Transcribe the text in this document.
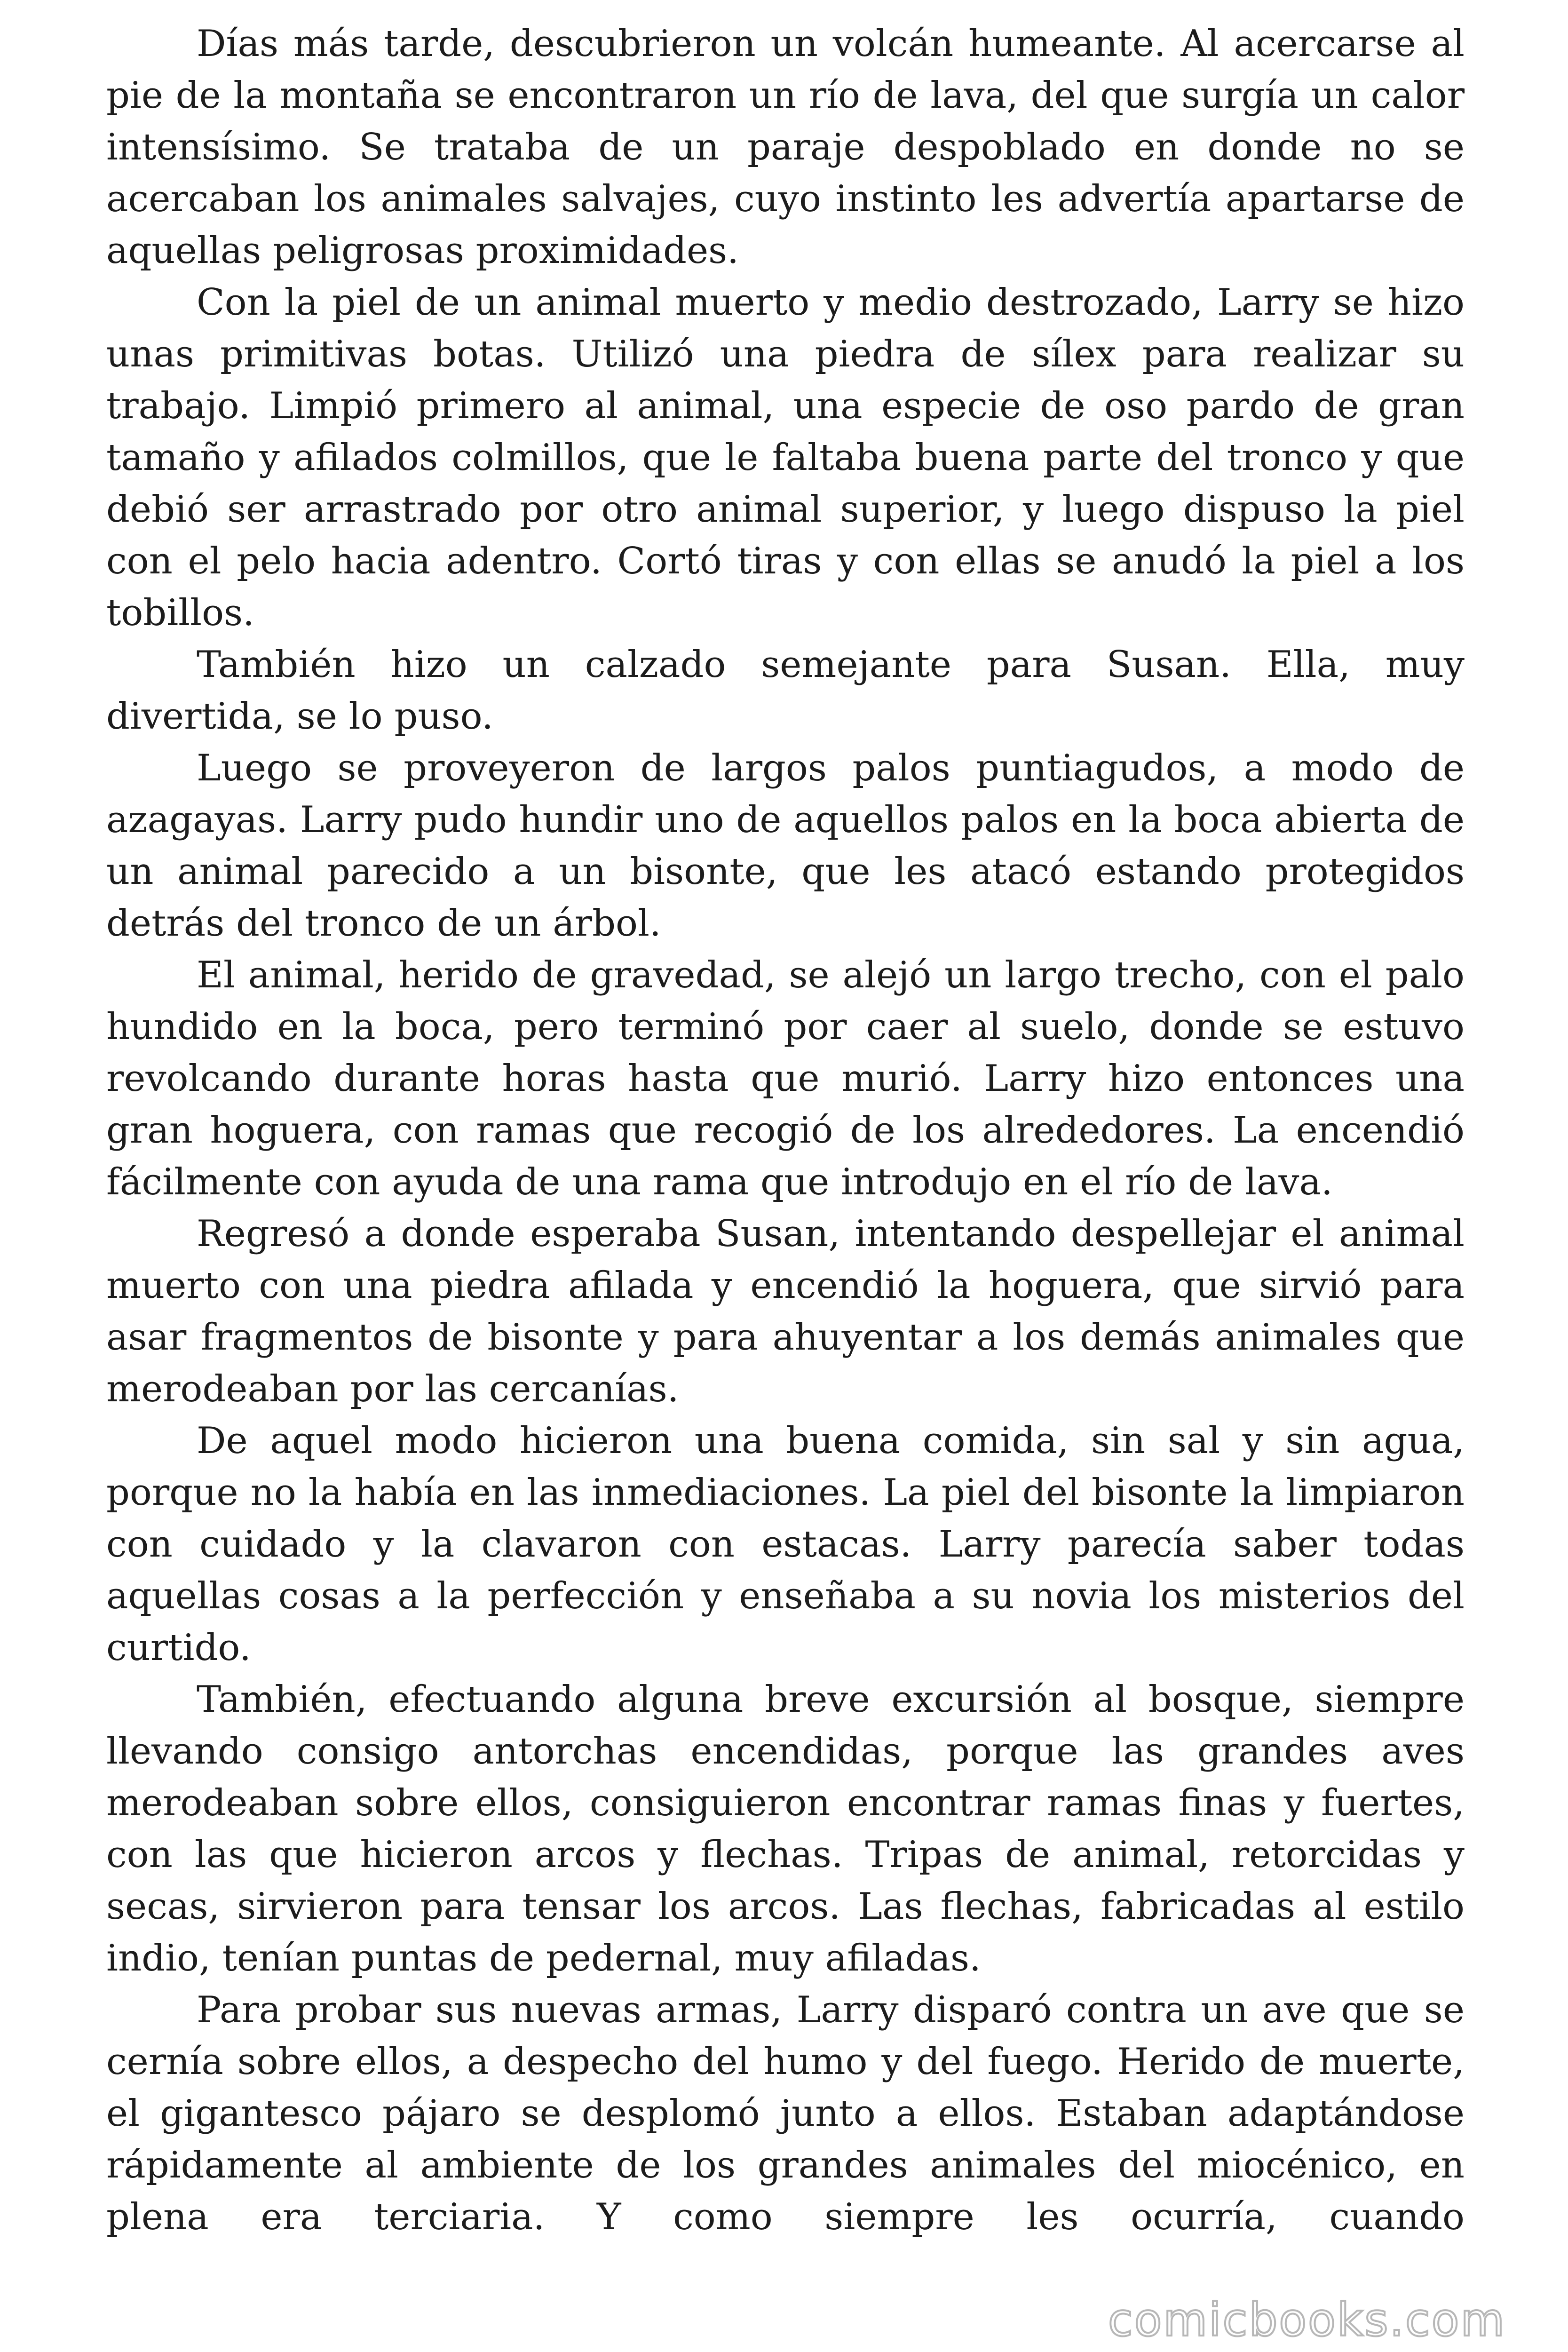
Días más tarde, descubrieron un volcán humeante. Al acercarse al pie de la montaña se encontraron un río de lava, del que surgía un calor intensísimo. Se trataba de un paraje despoblado en donde no se acercaban los animales salvajes, cuyo instinto les advertía apartarse de aquellas peligrosas proximidades.

Con la piel de un animal muerto y medio destrozado, Larry se hizo unas primitivas botas. Utilizó una piedra de sílex para realizar su trabajo. Limpió primero al animal, una especie de oso pardo de gran tamaño y afilados colmillos, que le faltaba buena parte del tronco y que debió ser arrastrado por otro animal superior, y luego dispuso la piel con el pelo hacia adentro. Cortó tiras y con ellas se anudó la piel a los tobillos.

También hizo un calzado semejante para Susan. Ella, muy divertida, se lo puso.

Luego se proveyeron de largos palos puntiagudos, a modo de azagayas. Larry pudo hundir uno de aquellos palos en la boca abierta de un animal parecido a un bisonte, que les atacó estando protegidos detrás del tronco de un árbol.

El animal, herido de gravedad, se alejó un largo trecho, con el palo hundido en la boca, pero terminó por caer al suelo, donde se estuvo revolcando durante horas hasta que murió. Larry hizo entonces una gran hoguera, con ramas que recogió de los alrededores. La encendió fácilmente con ayuda de una rama que introdujo en el río de lava.

Regresó a donde esperaba Susan, intentando despellejar el animal muerto con una piedra afilada y encendió la hoguera, que sirvió para asar fragmentos de bisonte y para ahuyentar a los demás animales que merodeaban por las cercanías.

De aquel modo hicieron una buena comida, sin sal y sin agua, porque no la había en las inmediaciones. La piel del bisonte la limpiaron con cuidado y la clavaron con estacas. Larry parecía saber todas aquellas cosas a la perfección y enseñaba a su novia los misterios del curtido.

También, efectuando alguna breve excursión al bosque, siempre llevando consigo antorchas encendidas, porque las grandes aves merodeaban sobre ellos, consiguieron encontrar ramas finas y fuertes, con las que hicieron arcos y flechas. Tripas de animal, retorcidas y secas, sirvieron para tensar los arcos. Las flechas, fabricadas al estilo indio, tenían puntas de pedernal, muy afiladas.

Para probar sus nuevas armas, Larry disparó contra un ave que se cernía sobre ellos, a despecho del humo y del fuego. Herido de muerte, el gigantesco pájaro se desplomó junto a ellos. Estaban adaptándose rápidamente al ambiente de los grandes animales del miocénico, en plena era terciaria. Y como siempre les ocurría, cuando

comicbooks.com
